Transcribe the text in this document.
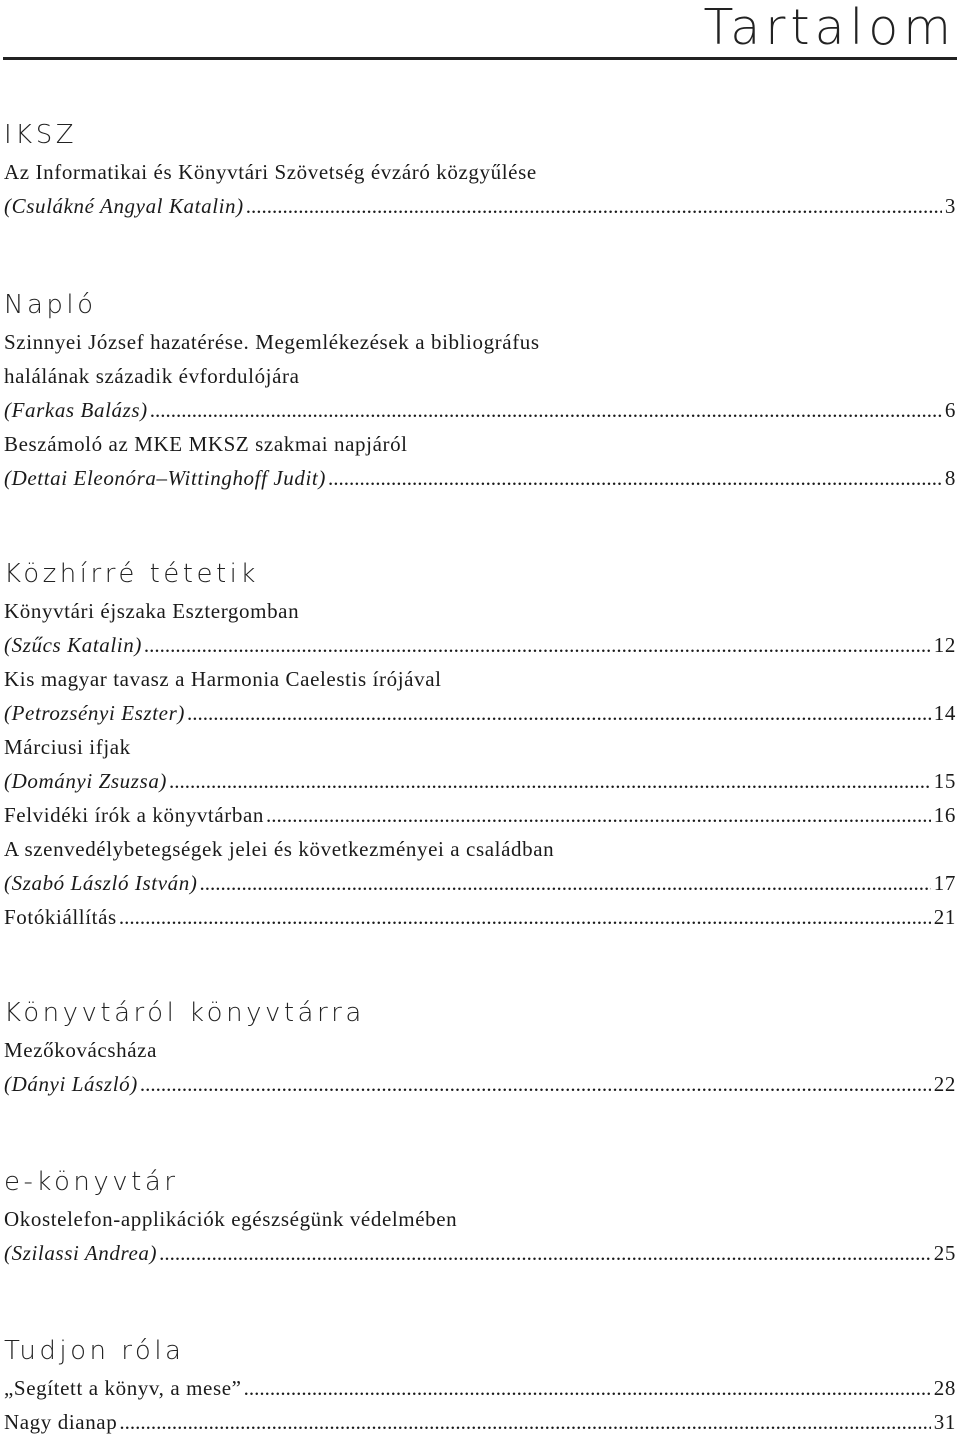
Tartalom
IKSZ
Az Informatikai és Könyvtári Szövetség évzáró közgyűlése
(Csulákné Angyal Katalin) .....	3
Napló
Szinnyei József hazatérése. Megemlékezések a bibliográfus
halálának századik évfordulójára
(Farkas Balázs) .....	6
Beszámoló az MKE MKSZ szakmai napjáról
(Dettai Eleonóra–Wittinghoff Judit) .....	8
Közhírré tétetik
Könyvtári éjszaka Esztergomban
(Szűcs Katalin) .....	12
Kis magyar tavasz a Harmonia Caelestis írójával
(Petrozsényi Eszter) .....	14
Márciusi ifjak
(Dományi Zsuzsa) .....	15
Felvidéki írók a könyvtárban .....	16
A szenvedélybetegségek jelei és következményei a családban
(Szabó László István) .....	17
Fotókiállítás .....	21
Könyvtáról könyvtárra
Mezőkovácsháza
(Dányi László) .....	22
e-könyvtár
Okostelefon-applikációk egészségünk védelmében
(Szilassi Andrea) .....	25
Tudjon róla
„Segített a könyv, a mese” .....	28
Nagy dianap .....	31
